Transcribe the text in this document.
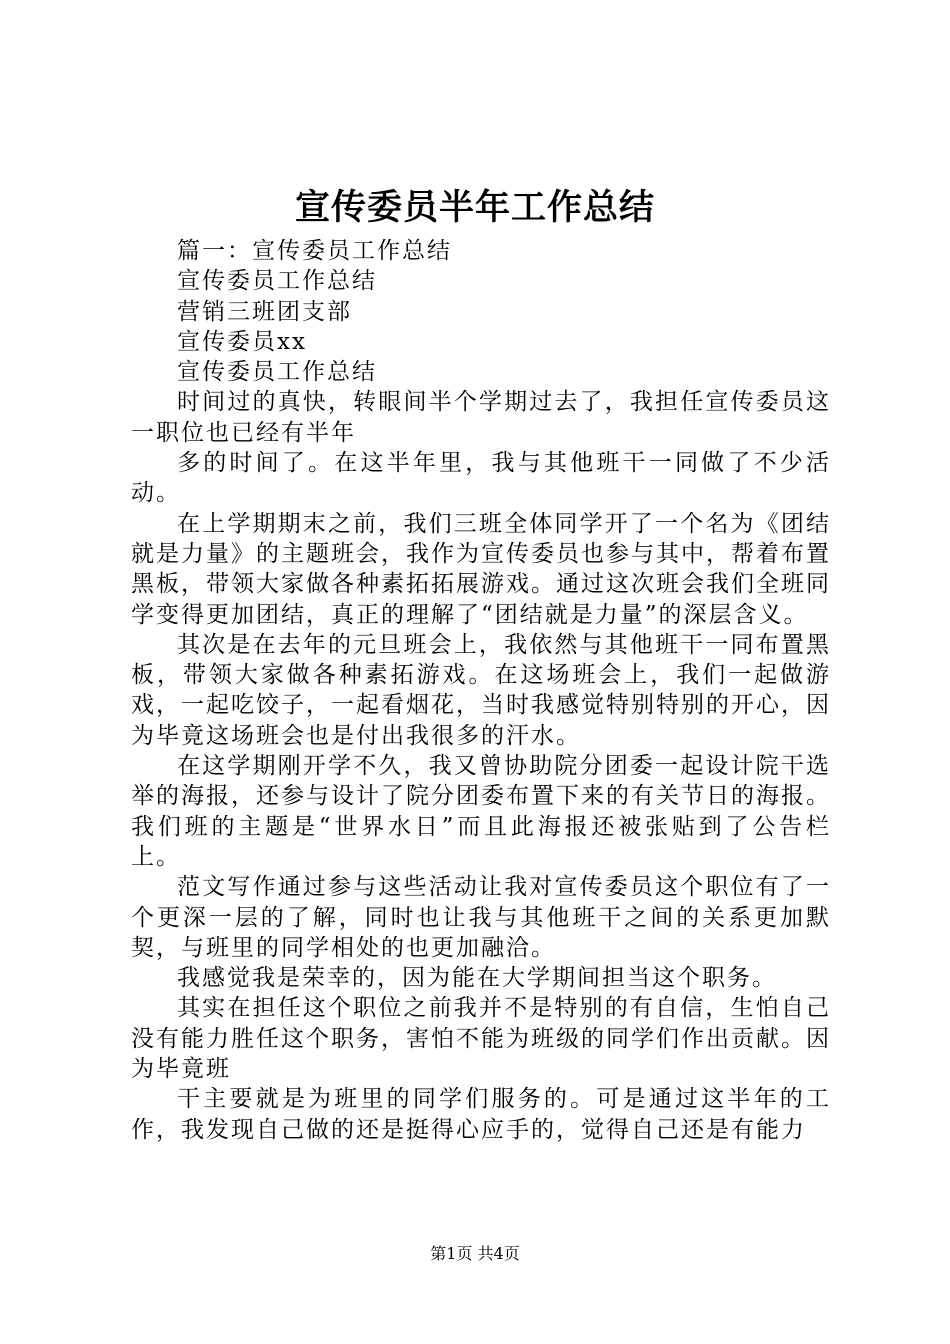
宣传委员半年工作总结

篇一：宣传委员工作总结

宣传委员工作总结

营销三班团支部

宣传委员xx

宣传委员工作总结

时间过的真快，转眼间半个学期过去了，我担任宣传委员这一职位也已经有半年

多的时间了。在这半年里，我与其他班干一同做了不少活动。

在上学期期末之前，我们三班全体同学开了一个名为《团结就是力量》的主题班会，我作为宣传委员也参与其中，帮着布置黑板，带领大家做各种素拓拓展游戏。通过这次班会我们全班同学变得更加团结，真正的理解了“团结就是力量”的深层含义。

其次是在去年的元旦班会上，我依然与其他班干一同布置黑板，带领大家做各种素拓游戏。在这场班会上，我们一起做游戏，一起吃饺子，一起看烟花，当时我感觉特别特别的开心，因为毕竟这场班会也是付出我很多的汗水。

在这学期刚开学不久，我又曾协助院分团委一起设计院干选举的海报，还参与设计了院分团委布置下来的有关节日的海报。我们班的主题是“世界水日”而且此海报还被张贴到了公告栏上。

范文写作通过参与这些活动让我对宣传委员这个职位有了一个更深一层的了解，同时也让我与其他班干之间的关系更加默契，与班里的同学相处的也更加融洽。

我感觉我是荣幸的，因为能在大学期间担当这个职务。

其实在担任这个职位之前我并不是特别的有自信，生怕自己没有能力胜任这个职务，害怕不能为班级的同学们作出贡献。因为毕竟班

干主要就是为班里的同学们服务的。可是通过这半年的工作，我发现自己做的还是挺得心应手的，觉得自己还是有能力

第1页 共4页
